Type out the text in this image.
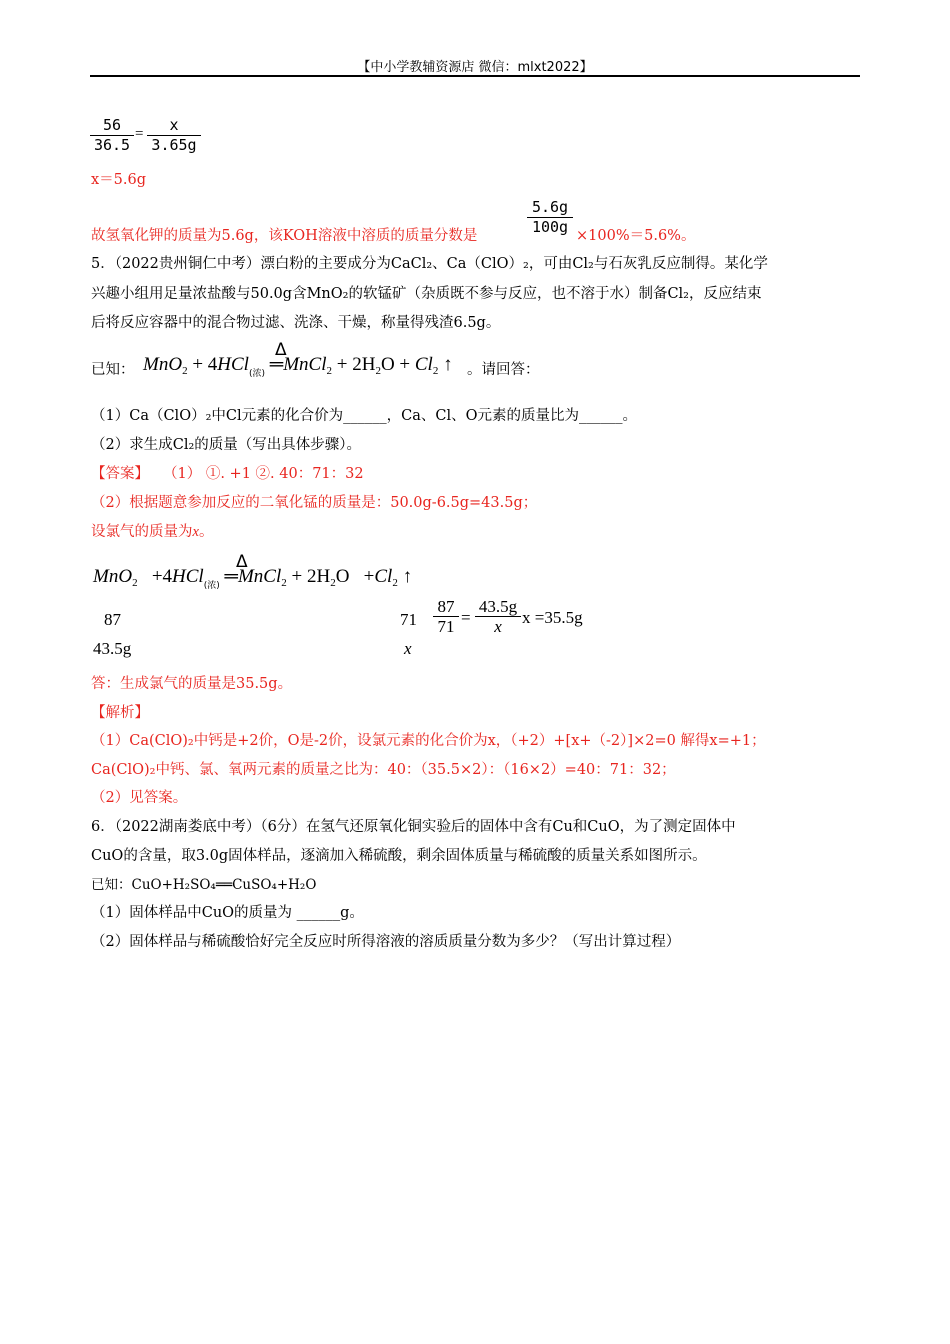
【中小学教辅资源店 微信：mlxt2022】
$\frac{56}{36.5} = \frac{x}{3.65g}$
x＝5.6g
故氢氧化钾的质量为5.6g，该KOH溶液中溶质的质量分数是	$\frac{5.6g}{100g} \times 100\%=5.6\%$。
5．（2022贵州铜仁中考）漂白粉的主要成分为CaCl₂、Ca（ClO）₂，可由Cl₂与石灰乳反应制得。某化学
兴趣小组用足量浓盐酸与50.0g含MnO₂的软锰矿（杂质既不参与反应，也不溶于水）制备Cl₂，反应结束
后将反应容器中的混合物过滤、洗涤、干燥，称量得残渣6.5g。
已知：
Δ
MnO$_2$ + 4HCl$_{(浓)}$ ═MnCl$_2$ + $2H_2O + Cl_2$ ↑ 。请回答：
（1）Ca（ClO）₂中Cl元素的化合价为______，Ca、Cl、O元素的质量比为______。
（2）求生成Cl₂的质量（写出具体步骤）。
【答案】 （1） ①. +1 ②. 40：71：32
（2）根据题意参加反应的二氧化锰的质量是：50.0g-6.5g=43.5g；
设氯气的质量为x。
Δ
MnO$_2$   +4HCl$_{(浓)}$ ═MnCl$_2$ + $2H_2O +Cl_2$ ↑
87
43.5g
71
x
$\frac{87}{71} = \frac{43.5g}{x}$ x =35.5g
答：生成氯气的质量是35.5g。
【解析】
（1）Ca(ClO)₂中钙是+2价，O是-2价，设氯元素的化合价为x，（+2）+[x+（-2）]×2=0 解得x=+1；
Ca(ClO)₂中钙、氯、氧两元素的质量之比为：40：（35.5×2）：（16×2）=40：71：32；
（2）见答案。
6．（2022湖南娄底中考）（6分）在氢气还原氧化铜实验后的固体中含有Cu和CuO，为了测定固体中
CuO的含量，取3.0g固体样品，逐滴加入稀硫酸，剩余固体质量与稀硫酸的质量关系如图所示。
已知：CuO+H₂SO₄══CuSO₄+H₂O
（1）固体样品中CuO的质量为 ______g。
（2）固体样品与稀硫酸恰好完全反应时所得溶液的溶质质量分数为多少？（写出计算过程）
